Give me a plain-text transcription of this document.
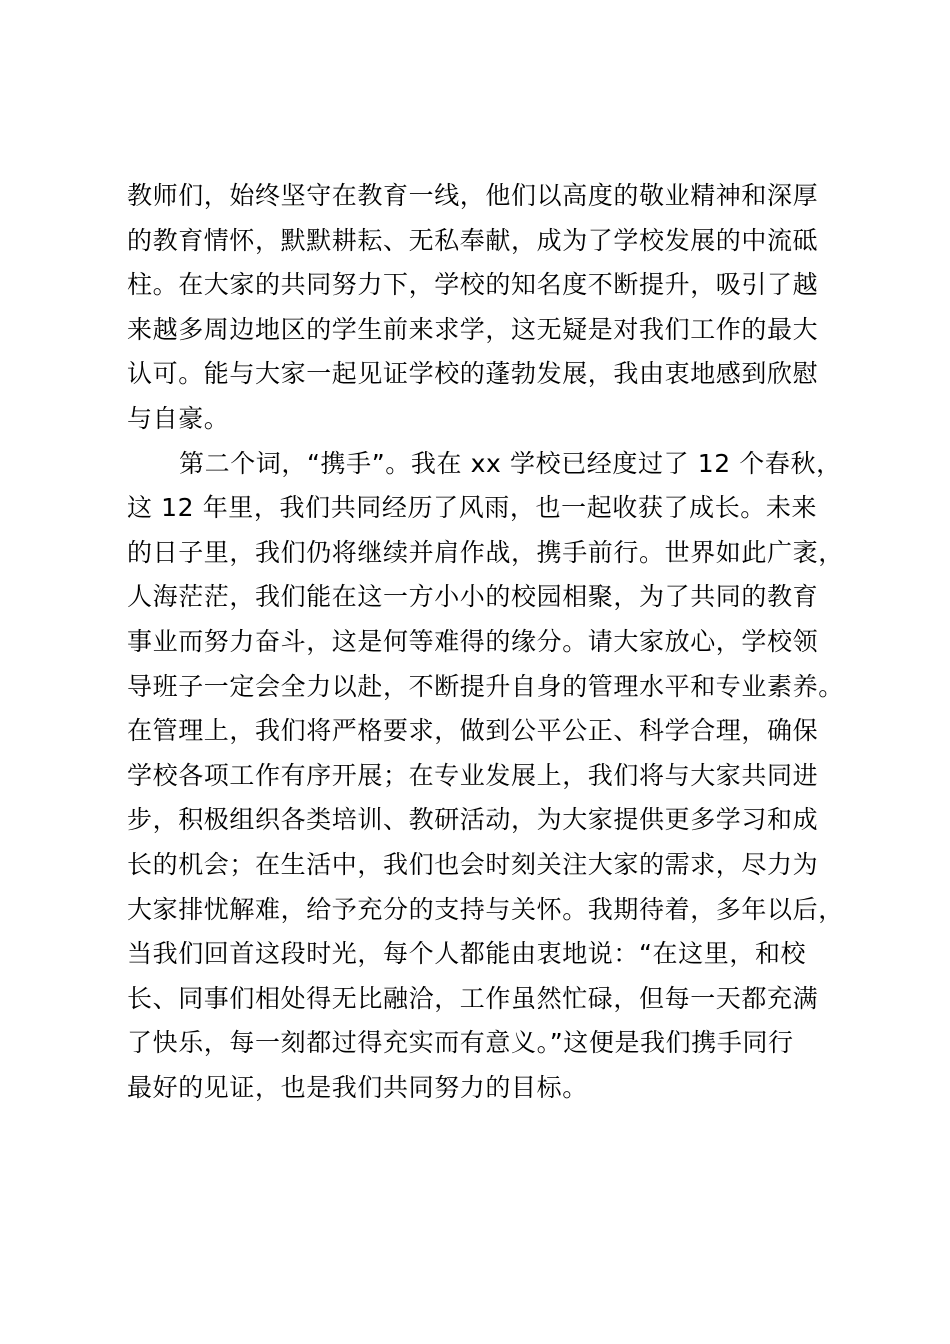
教师们，始终坚守在教育一线，他们以高度的敬业精神和深厚
的教育情怀，默默耕耘、无私奉献，成为了学校发展的中流砥
柱。在大家的共同努力下，学校的知名度不断提升，吸引了越
来越多周边地区的学生前来求学，这无疑是对我们工作的最大
认可。能与大家一起见证学校的蓬勃发展，我由衷地感到欣慰
与自豪。
第二个词，“携手”。我在 xx 学校已经度过了 12 个春秋，
这 12 年里，我们共同经历了风雨，也一起收获了成长。未来
的日子里，我们仍将继续并肩作战，携手前行。世界如此广袤，
人海茫茫，我们能在这一方小小的校园相聚，为了共同的教育
事业而努力奋斗，这是何等难得的缘分。请大家放心，学校领
导班子一定会全力以赴，不断提升自身的管理水平和专业素养。
在管理上，我们将严格要求，做到公平公正、科学合理，确保
学校各项工作有序开展；在专业发展上，我们将与大家共同进
步，积极组织各类培训、教研活动，为大家提供更多学习和成
长的机会；在生活中，我们也会时刻关注大家的需求，尽力为
大家排忧解难，给予充分的支持与关怀。我期待着，多年以后，
当我们回首这段时光，每个人都能由衷地说：“在这里，和校
长、同事们相处得无比融洽，工作虽然忙碌，但每一天都充满
了快乐，每一刻都过得充实而有意义。”这便是我们携手同行
最好的见证，也是我们共同努力的目标。
